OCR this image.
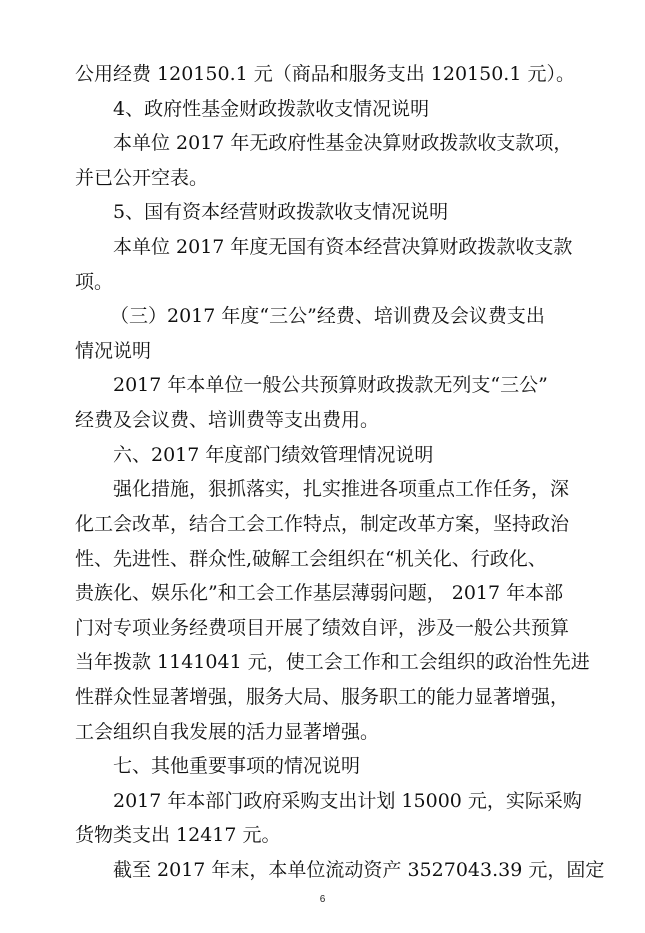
公用经费 120150.1 元（商品和服务支出 120150.1 元）。
4、政府性基金财政拨款收支情况说明
本单位 2017 年无政府性基金决算财政拨款收支款项，
并已公开空表。
5、国有资本经营财政拨款收支情况说明
本单位 2017 年度无国有资本经营决算财政拨款收支款
项。
（三）2017 年度“三公”经费、培训费及会议费支出
情况说明
2017 年本单位一般公共预算财政拨款无列支“三公”
经费及会议费、培训费等支出费用。
六、2017 年度部门绩效管理情况说明
强化措施，狠抓落实，扎实推进各项重点工作任务，深
化工会改革，结合工会工作特点，制定改革方案，坚持政治
性、先进性、群众性,破解工会组织在“机关化、行政化、
贵族化、娱乐化”和工会工作基层薄弱问题， 2017 年本部
门对专项业务经费项目开展了绩效自评，涉及一般公共预算
当年拨款 1141041 元，使工会工作和工会组织的政治性先进
性群众性显著增强，服务大局、服务职工的能力显著增强，
工会组织自我发展的活力显著增强。
七、其他重要事项的情况说明
2017 年本部门政府采购支出计划 15000 元，实际采购
货物类支出 12417 元。
6
截至 2017 年末，本单位流动资产 3527043.39 元，固定
